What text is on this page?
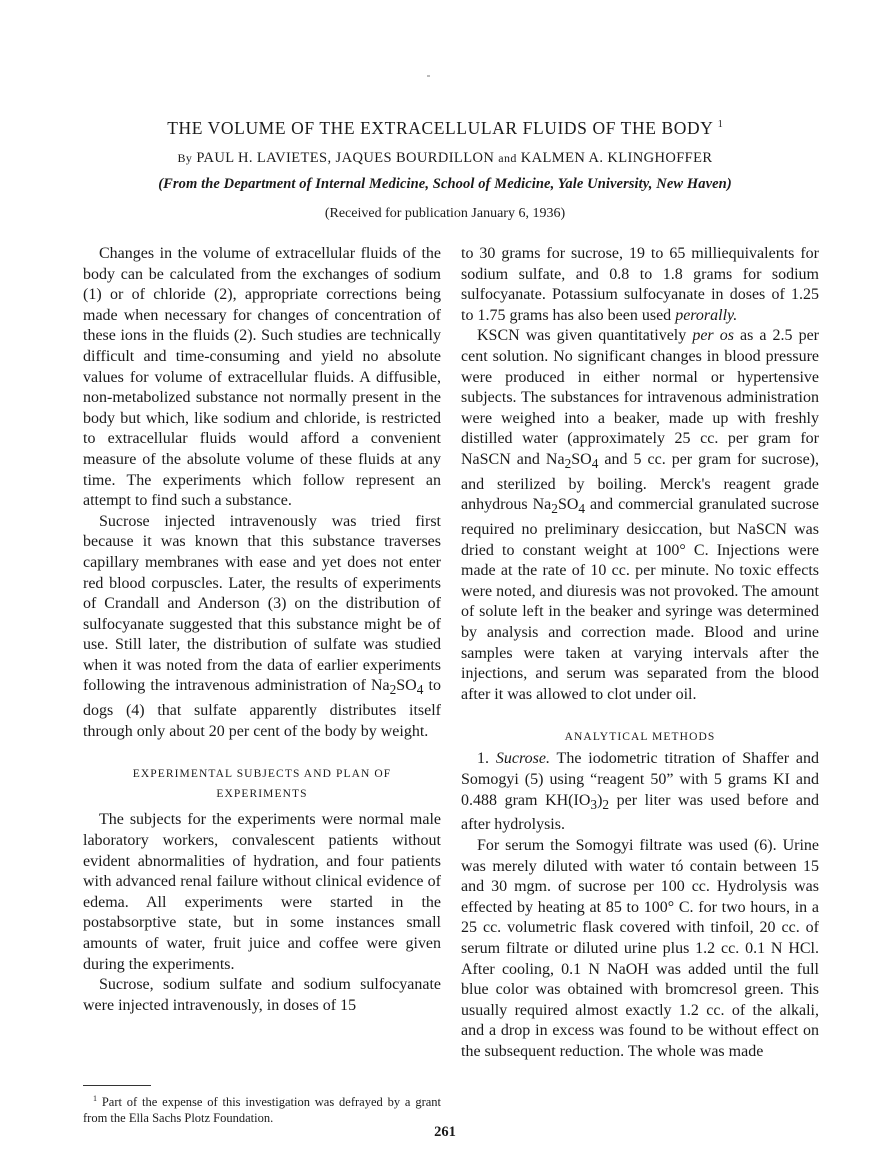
THE VOLUME OF THE EXTRACELLULAR FLUIDS OF THE BODY $^1$
By PAUL H. LAVIETES, JAQUES BOURDILLON and KALMEN A. KLINGHOFFER
(From the Department of Internal Medicine, School of Medicine, Yale University, New Haven)
(Received for publication January 6, 1936)

Changes in the volume of extracellular fluids of the body can be calculated from the exchanges of sodium (1) or of chloride (2), appropriate corrections being made when necessary for changes of concentration of these ions in the fluids (2). Such studies are technically difficult and time-consuming and yield no absolute values for volume of extracellular fluids. A diffusible, non-metabolized substance not normally present in the body but which, like sodium and chloride, is restricted to extracellular fluids would afford a convenient measure of the absolute volume of these fluids at any time. The experiments which follow represent an attempt to find such a substance.

Sucrose injected intravenously was tried first because it was known that this substance traverses capillary membranes with ease and yet does not enter red blood corpuscles. Later, the results of experiments of Crandall and Anderson (3) on the distribution of sulfocyanate suggested that this substance might be of use. Still later, the distribution of sulfate was studied when it was noted from the data of earlier experiments following the intravenous administration of $Na_2SO_4$ to dogs (4) that sulfate apparently distributes itself through only about 20 per cent of the body by weight.

EXPERIMENTAL SUBJECTS AND PLAN OF
EXPERIMENTS

The subjects for the experiments were normal male laboratory workers, convalescent patients without evident abnormalities of hydration, and four patients with advanced renal failure without clinical evidence of edema. All experiments were started in the postabsorptive state, but in some instances small amounts of water, fruit juice and coffee were given during the experiments.

Sucrose, sodium sulfate and sodium sulfocyanate were injected intravenously, in doses of 15

to 30 grams for sucrose, 19 to 65 milliequivalents for sodium sulfate, and 0.8 to 1.8 grams for sodium sulfocyanate. Potassium sulfocyanate in doses of 1.25 to 1.75 grams has also been used perorally.

KSCN was given quantitatively per os as a 2.5 per cent solution. No significant changes in blood pressure were produced in either normal or hypertensive subjects. The substances for intravenous administration were weighed into a beaker, made up with freshly distilled water (approximately 25 cc. per gram for NaSCN and $Na_2SO_4$ and 5 cc. per gram for sucrose), and sterilized by boiling. Merck's reagent grade anhydrous $Na_2SO_4$ and commercial granulated sucrose required no preliminary desiccation, but NaSCN was dried to constant weight at 100° C. Injections were made at the rate of 10 cc. per minute. No toxic effects were noted, and diuresis was not provoked. The amount of solute left in the beaker and syringe was determined by analysis and correction made. Blood and urine samples were taken at varying intervals after the injections, and serum was separated from the blood after it was allowed to clot under oil.

ANALYTICAL METHODS

1. Sucrose. The iodometric titration of Shaffer and Somogyi (5) using “reagent 50” with 5 grams KI and 0.488 gram $KH(IO_3)_2$ per liter was used before and after hydrolysis.

For serum the Somogyi filtrate was used (6). Urine was merely diluted with water tó contain between 15 and 30 mgm. of sucrose per 100 cc. Hydrolysis was effected by heating at 85 to 100° C. for two hours, in a 25 cc. volumetric flask covered with tinfoil, 20 cc. of serum filtrate or diluted urine plus 1.2 cc. 0.1 N HCl. After cooling, 0.1 N NaOH was added until the full blue color was obtained with bromcresol green. This usually required almost exactly 1.2 cc. of the alkali, and a drop in excess was found to be without effect on the subsequent reduction. The whole was made

$^1$ Part of the expense of this investigation was defrayed by a grant from the Ella Sachs Plotz Foundation.
261
